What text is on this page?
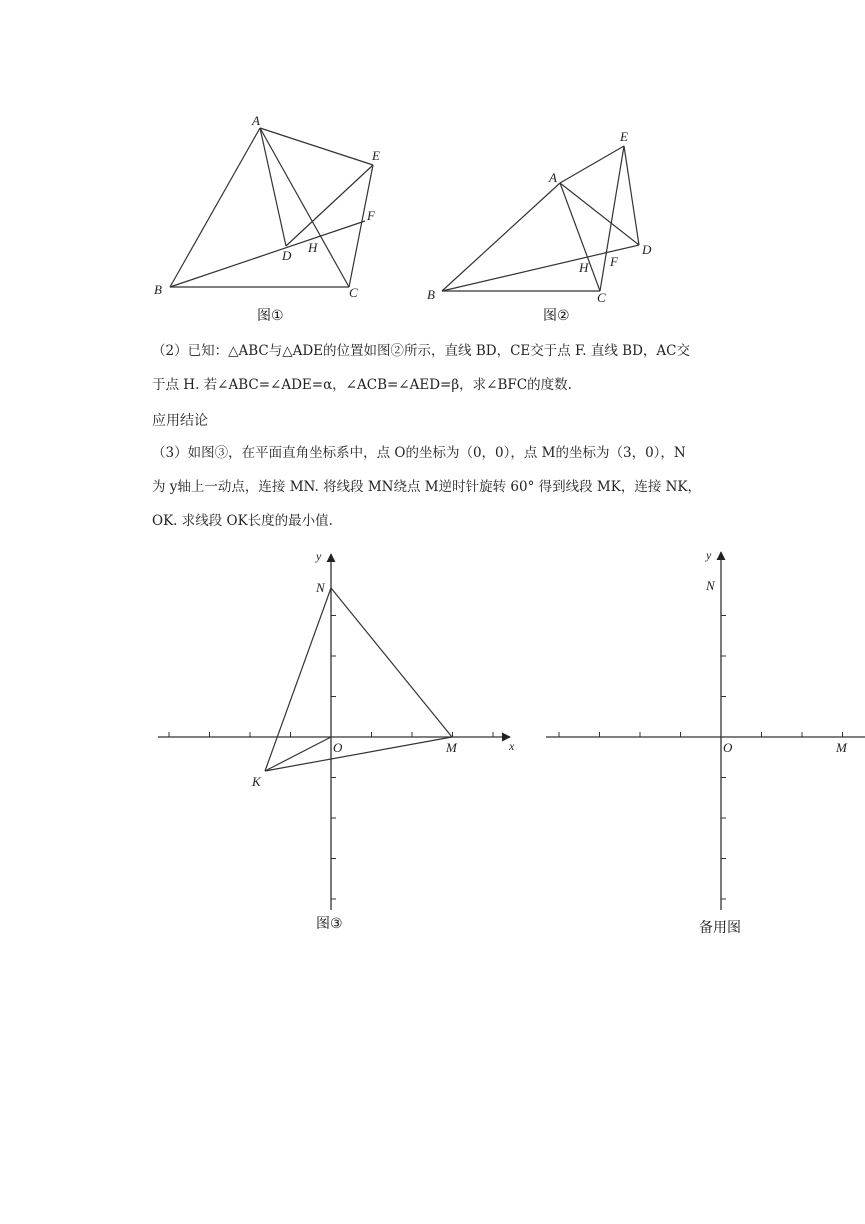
A
B	C
D
E
F
H
A
B	C
D
E
F
H
图①	图②
（2）已知：△ABC与△ADE的位置如图②所示，直线 BD，CE交于点 F. 直线 BD，AC交
于点 H. 若∠ABC=∠ADE=α，∠ACB=∠AED=β，求∠BFC的度数.
应用结论
（3）如图③，在平面直角坐标系中，点 O的坐标为（0，0），点 M的坐标为（3，0），N
为 y轴上一动点，连接 MN. 将线段 MN绕点 M逆时针旋转 60° 得到线段 MK，连接 NK，
OK. 求线段 OK长度的最小值.
y
x
N
O	M
K
y
N
O	M
图③	备用图
